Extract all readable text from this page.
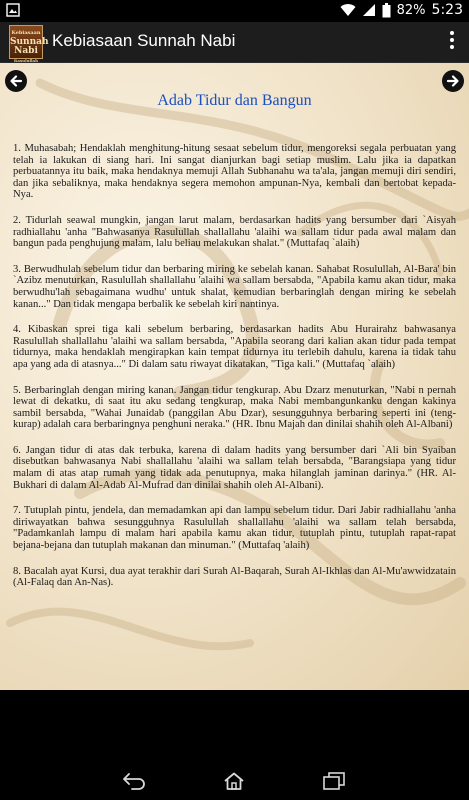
82% 5:23
Kebiasaan
Sunnah
Nabi
Rasulullah
Kebiasaan Sunnah Nabi
Adab Tidur dan Bangun

1. Muhasabah; Hendaklah menghitung-hitung sesaat sebelum tidur, mengoreksi segala perbuatan yang telah ia lakukan di siang hari. Ini sangat dianjurkan bagi setiap muslim. Lalu jika ia dapatkan perbuatannya itu baik, maka hendaknya memuji Allah Subhanahu wa ta'ala, jangan memuji diri sendiri, dan jika sebaliknya, maka hendaknya segera memohon ampunan-Nya, kembali dan bertobat kepada-Nya.

2. Tidurlah seawal mungkin, jangan larut malam, berdasarkan hadits yang bersumber dari `Aisyah radhiallahu 'anha "Bahwasanya Rasulullah shallallahu 'alaihi wa sallam tidur pada awal malam dan bangun pada penghujung malam, lalu beliau melakukan shalat." (Muttafaq `alaih)

3. Berwudhulah sebelum tidur dan berbaring miring ke sebelah kanan. Sahabat Rosulullah, Al-Bara' bin `Azibz menuturkan, Rasulullah shallallahu 'alaihi wa sallam bersabda, "Apabila kamu akan tidur, maka berwudhu'lah sebagaimana wudhu' untuk shalat, kemudian berbaringlah dengan miring ke sebelah kanan..." Dan tidak mengapa berbalik ke sebelah kiri nantinya.

4. Kibaskan sprei tiga kali sebelum berbaring, berdasarkan hadits Abu Hurairahz bahwasanya Rasulullah shallallahu 'alaihi wa sallam bersabda, "Apabila seorang dari kalian akan tidur pada tempat tidurnya, maka hendaklah mengirapkan kain tempat tidurnya itu terlebih dahulu, karena ia tidak tahu apa yang ada di atasnya..." Di dalam satu riwayat dikatakan, "Tiga kali." (Muttafaq `alaih)

5. Berbaringlah dengan miring kanan. Jangan tidur tengkurap. Abu Dzarz menuturkan, "Nabi n pernah lewat di dekatku, di saat itu aku sedang tengkurap, maka Nabi membangunkanku dengan kakinya sambil bersabda, "Wahai Junaidab (panggilan Abu Dzar), sesungguhnya berbaring seperti ini (teng-kurap) adalah cara berbaringnya penghuni neraka." (HR. Ibnu Majah dan dinilai shahih oleh Al-Albani)

6. Jangan tidur di atas dak terbuka, karena di dalam hadits yang bersumber dari `Ali bin Syaiban disebutkan bahwasanya Nabi shallallahu 'alaihi wa sallam telah bersabda, "Barangsiapa yang tidur malam di atas atap rumah yang tidak ada penutupnya, maka hilanglah jaminan darinya." (HR. Al-Bukhari di dalam Al-Adab Al-Mufrad dan dinilai shahih oleh Al-Albani).

7. Tutuplah pintu, jendela, dan memadamkan api dan lampu sebelum tidur. Dari Jabir radhiallahu 'anha diriwayatkan bahwa sesungguhnya Rasulullah shallallahu 'alaihi wa sallam telah bersabda, "Padamkanlah lampu di malam hari apabila kamu akan tidur, tutuplah pintu, tutuplah rapat-rapat bejana-bejana dan tutuplah makanan dan minuman." (Muttafaq 'alaih)

8. Bacalah ayat Kursi, dua ayat terakhir dari Surah Al-Baqarah, Surah Al-Ikhlas dan Al-Mu'awwidzatain (Al-Falaq dan An-Nas).
